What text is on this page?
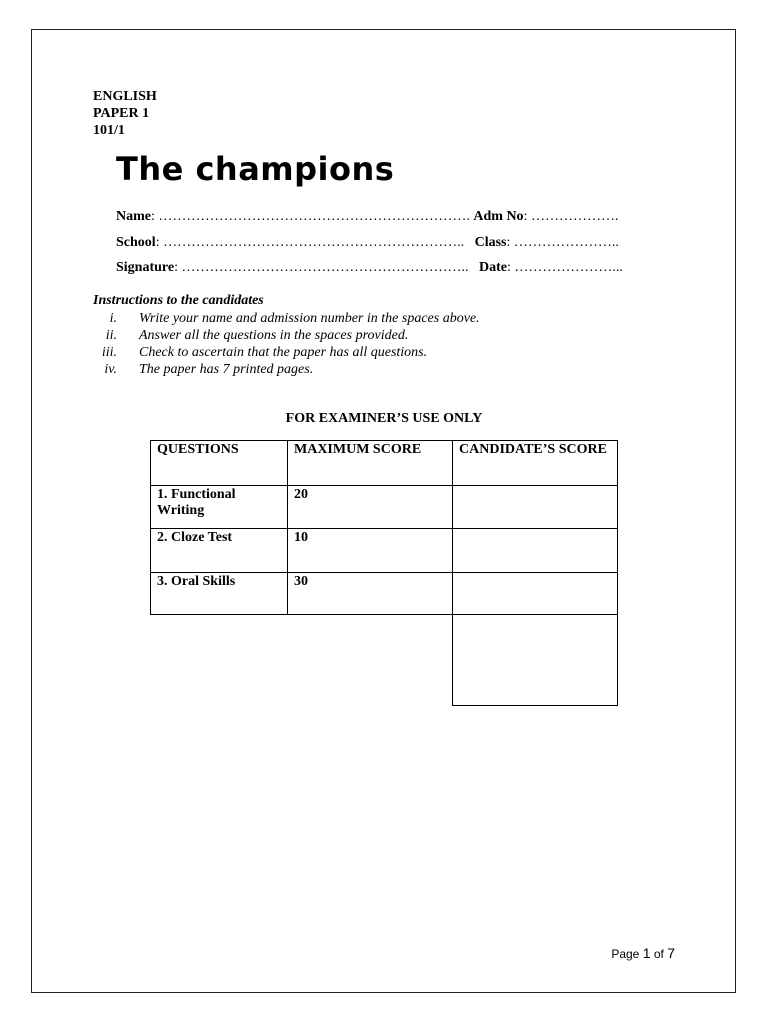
ENGLISH
PAPER 1
101/1
The champions
Name: …………………………………………………………. Adm No: ……………….
School: ……………………………………………………….. Class: …………………..
Signature: …………………………………………………….. Date: …………………...
Instructions to the candidates
i. Write your name and admission number in the spaces above.
ii. Answer all the questions in the spaces provided.
iii. Check to ascertain that the paper has all questions.
iv. The paper has 7 printed pages.
FOR EXAMINER’S USE ONLY
QUESTIONS	MAXIMUM SCORE	CANDIDATE’S SCORE
1. Functional Writing	20	
2. Cloze Test	10	
3. Oral Skills	30	

Page 1 of 7
